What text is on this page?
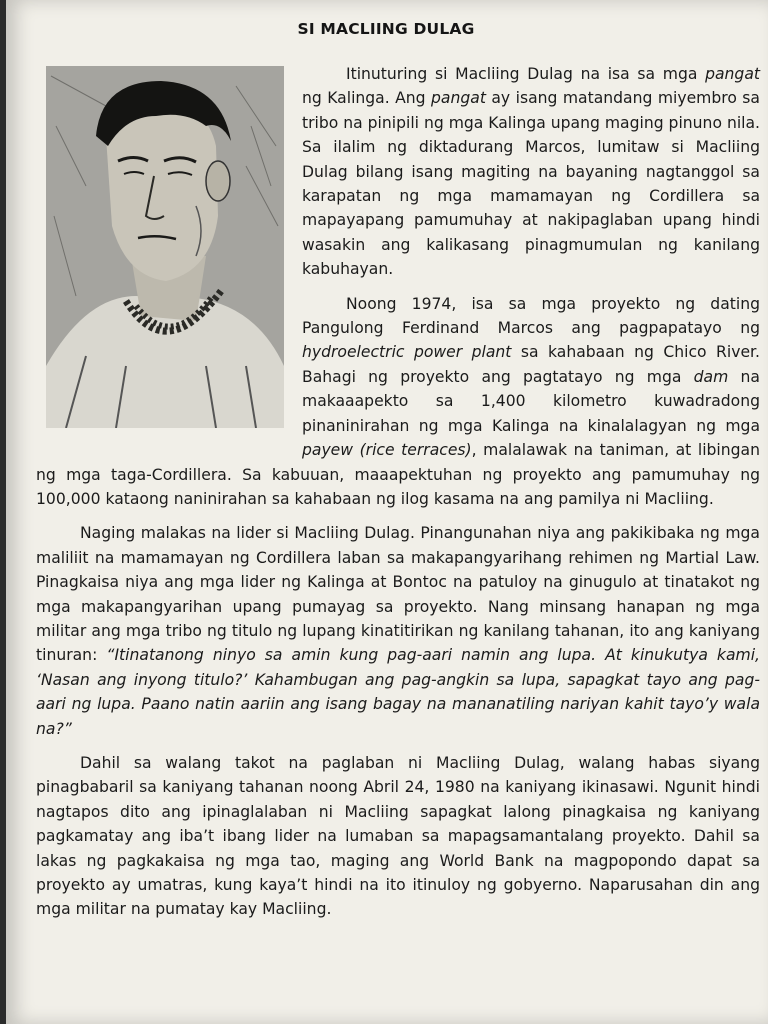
SI MACLIING DULAG

Itinuturing si Macliing Dulag na isa sa mga pangat ng Kalinga. Ang pangat ay isang matandang miyembro sa tribo na pinipili ng mga Kalinga upang maging pinuno nila. Sa ilalim ng diktadurang Marcos, lumitaw si Macliing Dulag bilang isang magiting na bayaning nagtanggol sa karapatan ng mga mamamayan ng Cordillera sa mapayapang pamumuhay at nakipaglaban upang hindi wasakin ang kalikasang pinagmumulan ng kanilang kabuhayan.

Noong 1974, isa sa mga proyekto ng dating Pangulong Ferdinand Marcos ang pagpapatayo ng hydroelectric power plant sa kahabaan ng Chico River. Bahagi ng proyekto ang pagtatayo ng mga dam na makaaapekto sa 1,400 kilometro kuwadradong pinaninirahan ng mga Kalinga na kinalalagyan ng mga payew (rice terraces), malalawak na taniman, at libingan ng mga taga-Cordillera. Sa kabuuan, maaapektuhan ng proyekto ang pamumuhay ng 100,000 kataong naninirahan sa kahabaan ng ilog kasama na ang pamilya ni Macliing.

Naging malakas na lider si Macliing Dulag. Pinangunahan niya ang pakikibaka ng mga maliliit na mamamayan ng Cordillera laban sa makapangyarihang rehimen ng Martial Law. Pinagkaisa niya ang mga lider ng Kalinga at Bontoc na patuloy na ginugulo at tinatakot ng mga makapangyarihan upang pumayag sa proyekto. Nang minsang hanapan ng mga militar ang mga tribo ng titulo ng lupang kinatitirikan ng kanilang tahanan, ito ang kaniyang tinuran: “Itinatanong ninyo sa amin kung pag-aari namin ang lupa. At kinukutya kami, ‘Nasan ang inyong titulo?’ Kahambugan ang pag-angkin sa lupa, sapagkat tayo ang pag-aari ng lupa. Paano natin aariin ang isang bagay na mananatiling nariyan kahit tayo’y wala na?”

Dahil sa walang takot na paglaban ni Macliing Dulag, walang habas siyang pinagbabaril sa kaniyang tahanan noong Abril 24, 1980 na kaniyang ikinasawi. Ngunit hindi nagtapos dito ang ipinaglalaban ni Macliing sapagkat lalong pinagkaisa ng kaniyang pagkamatay ang iba’t ibang lider na lumaban sa mapagsamantalang proyekto. Dahil sa lakas ng pagkakaisa ng mga tao, maging ang World Bank na magpopondo dapat sa proyekto ay umatras, kung kaya’t hindi na ito itinuloy ng gobyerno. Naparusahan din ang mga militar na pumatay kay Macliing.
